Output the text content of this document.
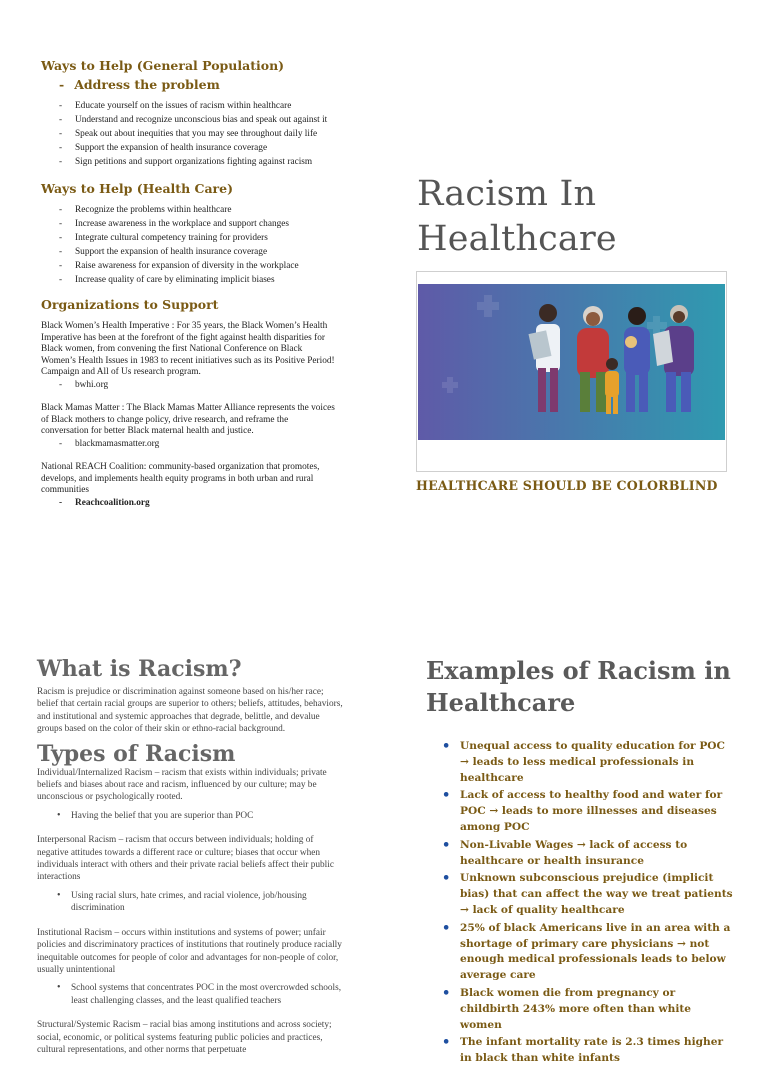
Ways to Help (General Population)
- Address the problem
- Educate yourself on the issues of racism within healthcare
- Understand and recognize unconscious bias and speak out against it
- Speak out about inequities that you may see throughout daily life
- Support the expansion of health insurance coverage
- Sign petitions and support organizations fighting against racism
Ways to Help (Health Care)
- Recognize the problems within healthcare
- Increase awareness in the workplace and support changes
- Integrate cultural competency training for providers
- Support the expansion of health insurance coverage
- Raise awareness for expansion of diversity in the workplace
- Increase quality of care by eliminating implicit biases
Organizations to Support

Black Women’s Health Imperative : For 35 years, the Black Women’s Health Imperative has been at the forefront of the fight against health disparities for Black women, from convening the first National Conference on Black Women’s Health Issues in 1983 to recent initiatives such as its Positive Period! Campaign and All of Us research program.

- bwhi.org

Black Mamas Matter : The Black Mamas Matter Alliance represents the voices of Black mothers to change policy, drive research, and reframe the conversation for better Black maternal health and justice.

- blackmamasmatter.org

National REACH Coalition: community-based organization that promotes, develops, and implements health equity programs in both urban and rural communities

- Reachcoalition.org
Racism In
Healthcare
HEALTHCARE SHOULD BE COLORBLIND
What is Racism?

Racism is prejudice or discrimination against someone based on his/her race; belief that certain racial groups are superior to others; beliefs, attitudes, behaviors, and institutional and systemic approaches that degrade, belittle, and devalue groups based on the color of their skin or ethno-racial background.

Types of Racism

Individual/Internalized Racism – racism that exists within individuals; private beliefs and biases about race and racism, influenced by our culture; may be unconscious or psychologically rooted.

• Having the belief that you are superior than POC

Interpersonal Racism – racism that occurs between individuals; holding of negative attitudes towards a different race or culture; biases that occur when individuals interact with others and their private racial beliefs affect their public interactions

• Using racial slurs, hate crimes, and racial violence, job/housing discrimination

Institutional Racism – occurs within institutions and systems of power; unfair policies and discriminatory practices of institutions that routinely produce racially inequitable outcomes for people of color and advantages for non-people of color, usually unintentional

• School systems that concentrates POC in the most overcrowded schools, least challenging classes, and the least qualified teachers

Structural/Systemic Racism – racial bias among institutions and across society; social, economic, or political systems featuring public policies and practices, cultural representations, and other norms that perpetuate

Examples of Racism in Healthcare
• Unequal access to quality education for POC → leads to less medical professionals in healthcare
• Lack of access to healthy food and water for POC → leads to more illnesses and diseases among POC
• Non-Livable Wages → lack of access to healthcare or health insurance
• Unknown subconscious prejudice (implicit bias) that can affect the way we treat patients → lack of quality healthcare
• 25% of black Americans live in an area with a shortage of primary care physicians → not enough medical professionals leads to below average care
• Black women die from pregnancy or childbirth 243% more often than white women
• The infant mortality rate is 2.3 times higher in black than white infants
